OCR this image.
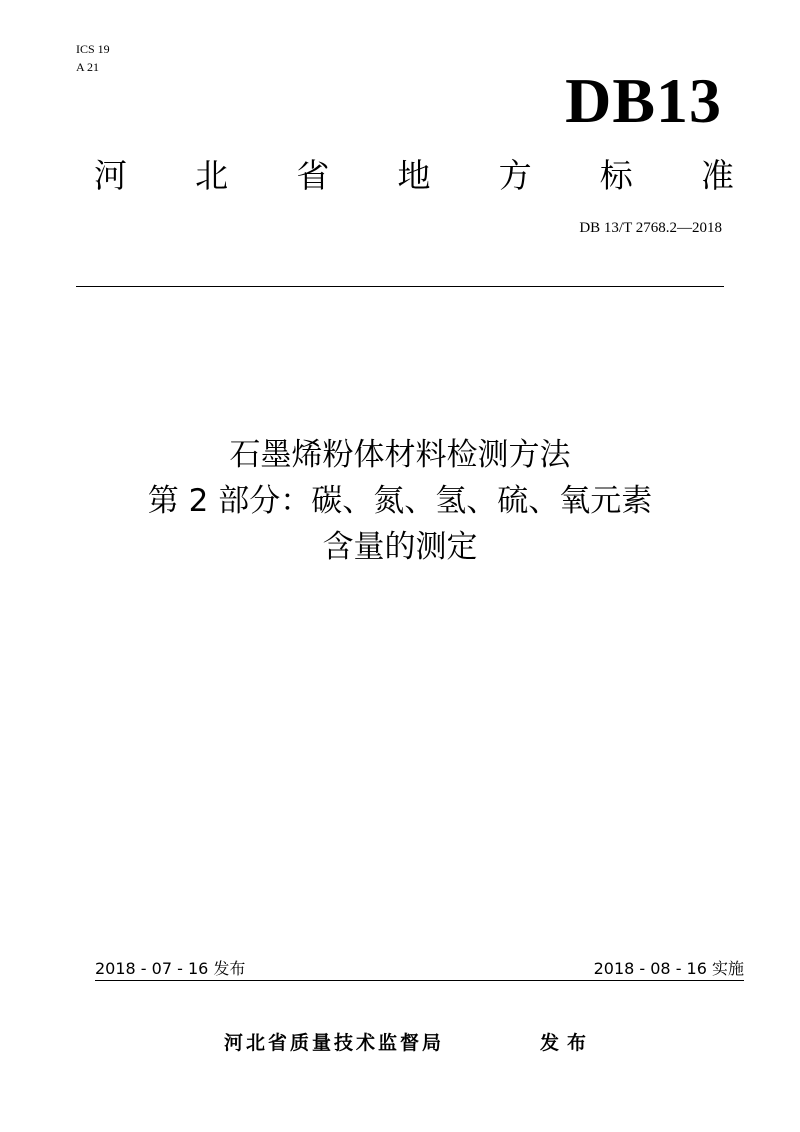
ICS 19
A 21	DB13
河 北 省 地 方 标 准
DB 13/T 2768.2—2018
石墨烯粉体材料检测方法
第 2 部分：碳、氮、氢、硫、氧元素
含量的测定
2018 - 07 - 16 发布	2018 - 08 - 16 实施
河北省质量技术监督局	发布
